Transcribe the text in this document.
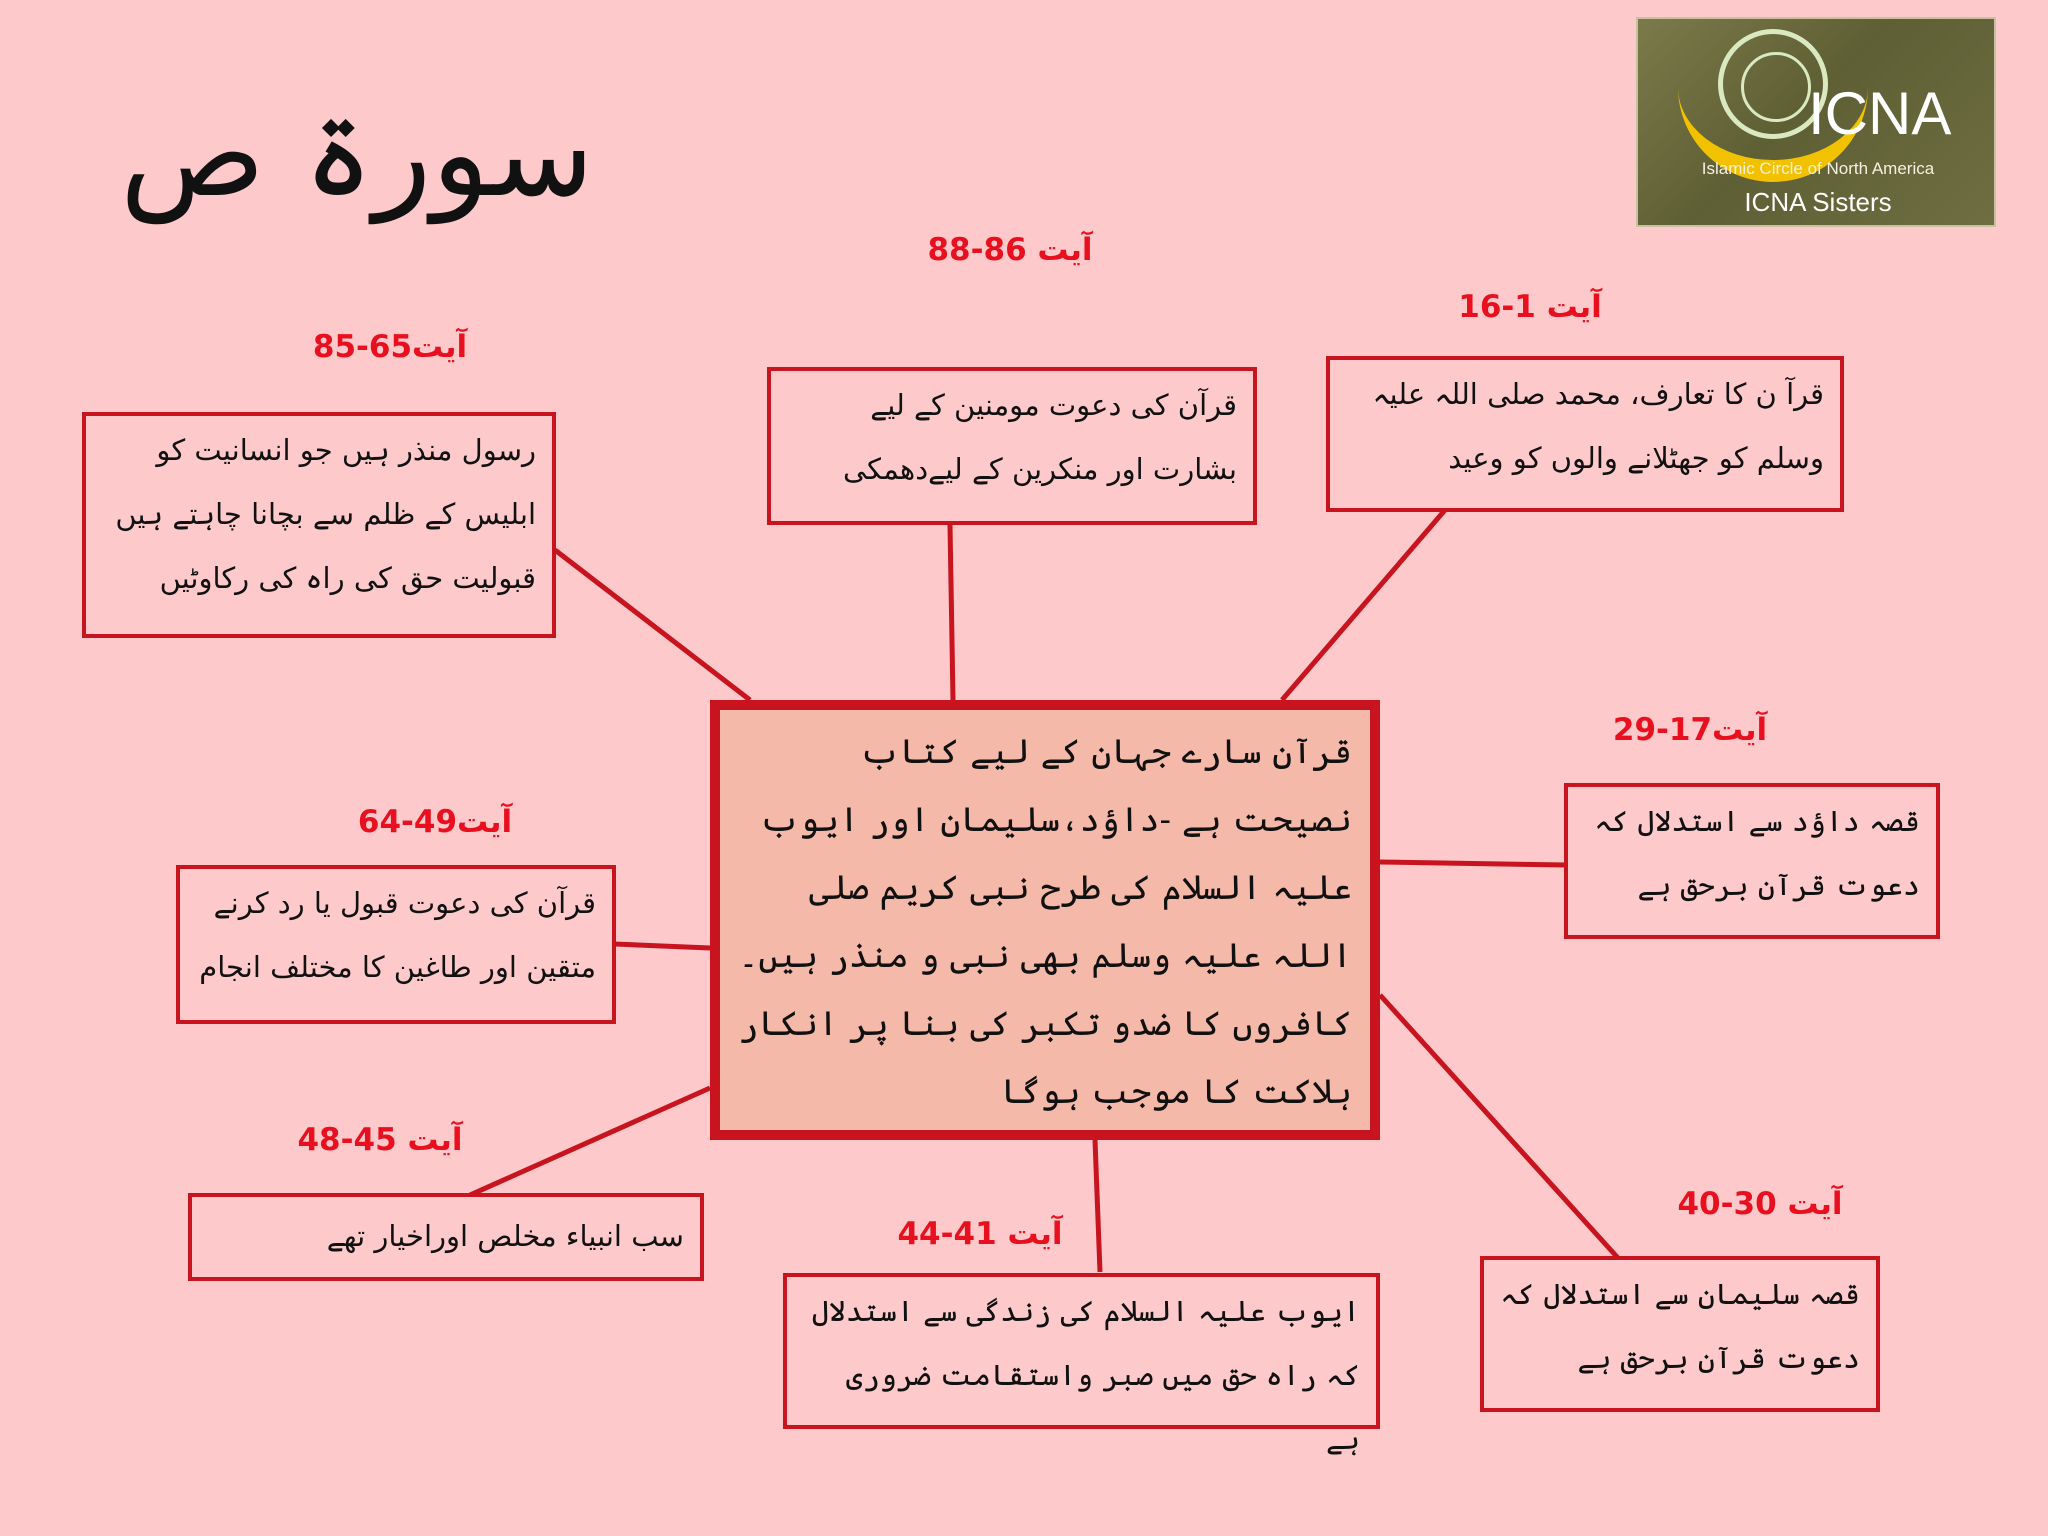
سورۃ ص	ICNA
Islamic Circle of North America
ICNA Sisters
آیت 1-16
آیت17-29
آیت 30-40
آیت 41-44
آیت 45-48
آیت49-64
آیت65-85
آیت 86-88
قرآ ن کا تعارف، محمد صلی اللہ علیہ وسلم کو جھٹلانے والوں کو وعید
قصہ داؤد سے استدلال کہ دعوت قرآن برحق ہے
قصہ سلیمان سے استدلال کہ دعوت قرآن برحق ہے
ایوب علیہ السلام کی زندگی سے استدلال کہ راہ حق میں صبر واستقامت ضروری ہے
سب انبیاء مخلص اوراخیار تھے
قرآن کی دعوت قبول یا رد کرنے متقین اور طاغین کا مختلف انجام
رسول منذر ہیں جو انسانیت کو ابلیس کے ظلم سے بچانا چاہتے ہیں قبولیت حق کی راہ کی رکاوٹیں
قرآن کی دعوت مومنین کے لیے بشارت اور منکرین کے لیےدھمکی
قرآن سارے جہان کے لیے کتاب نصیحت ہے -داؤد،سلیمان اور ایوب علیہ السلام کی طرح نبی کریم صلی اللہ علیہ وسلم بھی نبی و منذر ہیں۔ کافروں کا ضدو تکبر کی بنا پر انکار ہلاکت کا موجب ہوگا
